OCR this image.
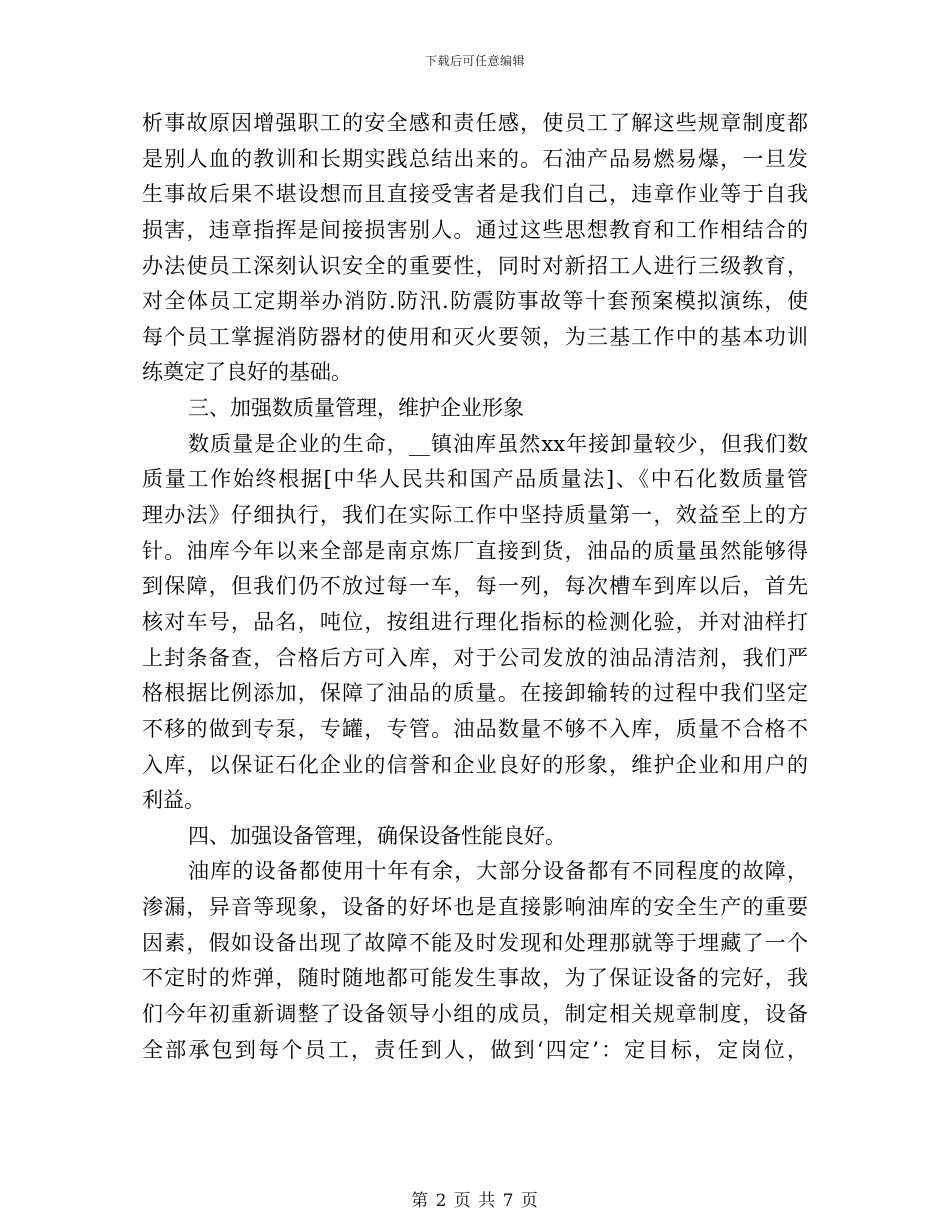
下载后可任意编辑
析事故原因增强职工的安全感和责任感，使员工了解这些规章制度都
是别人血的教训和长期实践总结出来的。石油产品易燃易爆，一旦发
生事故后果不堪设想而且直接受害者是我们自己，违章作业等于自我
损害，违章指挥是间接损害别人。通过这些思想教育和工作相结合的
办法使员工深刻认识安全的重要性，同时对新招工人进行三级教育，
对全体员工定期举办消防.防汛.防震防事故等十套预案模拟演练，使
每个员工掌握消防器材的使用和灭火要领，为三基工作中的基本功训
练奠定了良好的基础。
三、加强数质量管理，维护企业形象
数质量是企业的生命，__镇油库虽然xx年接卸量较少，但我们数
质量工作始终根据[中华人民共和国产品质量法]、《中石化数质量管
理办法》仔细执行，我们在实际工作中坚持质量第一，效益至上的方
针。油库今年以来全部是南京炼厂直接到货，油品的质量虽然能够得
到保障，但我们仍不放过每一车，每一列，每次槽车到库以后，首先
核对车号，品名，吨位，按组进行理化指标的检测化验，并对油样打
上封条备查，合格后方可入库，对于公司发放的油品清洁剂，我们严
格根据比例添加，保障了油品的质量。在接卸输转的过程中我们坚定
不移的做到专泵，专罐，专管。油品数量不够不入库，质量不合格不
入库，以保证石化企业的信誉和企业良好的形象，维护企业和用户的
利益。
四、加强设备管理，确保设备性能良好。
油库的设备都使用十年有余，大部分设备都有不同程度的故障，
渗漏，异音等现象，设备的好坏也是直接影响油库的安全生产的重要
因素，假如设备出现了故障不能及时发现和处理那就等于埋藏了一个
不定时的炸弹，随时随地都可能发生事故，为了保证设备的完好，我
们今年初重新调整了设备领导小组的成员，制定相关规章制度，设备
全部承包到每个员工，责任到人，做到‘四定’：定目标，定岗位，
第 2 页 共 7 页
